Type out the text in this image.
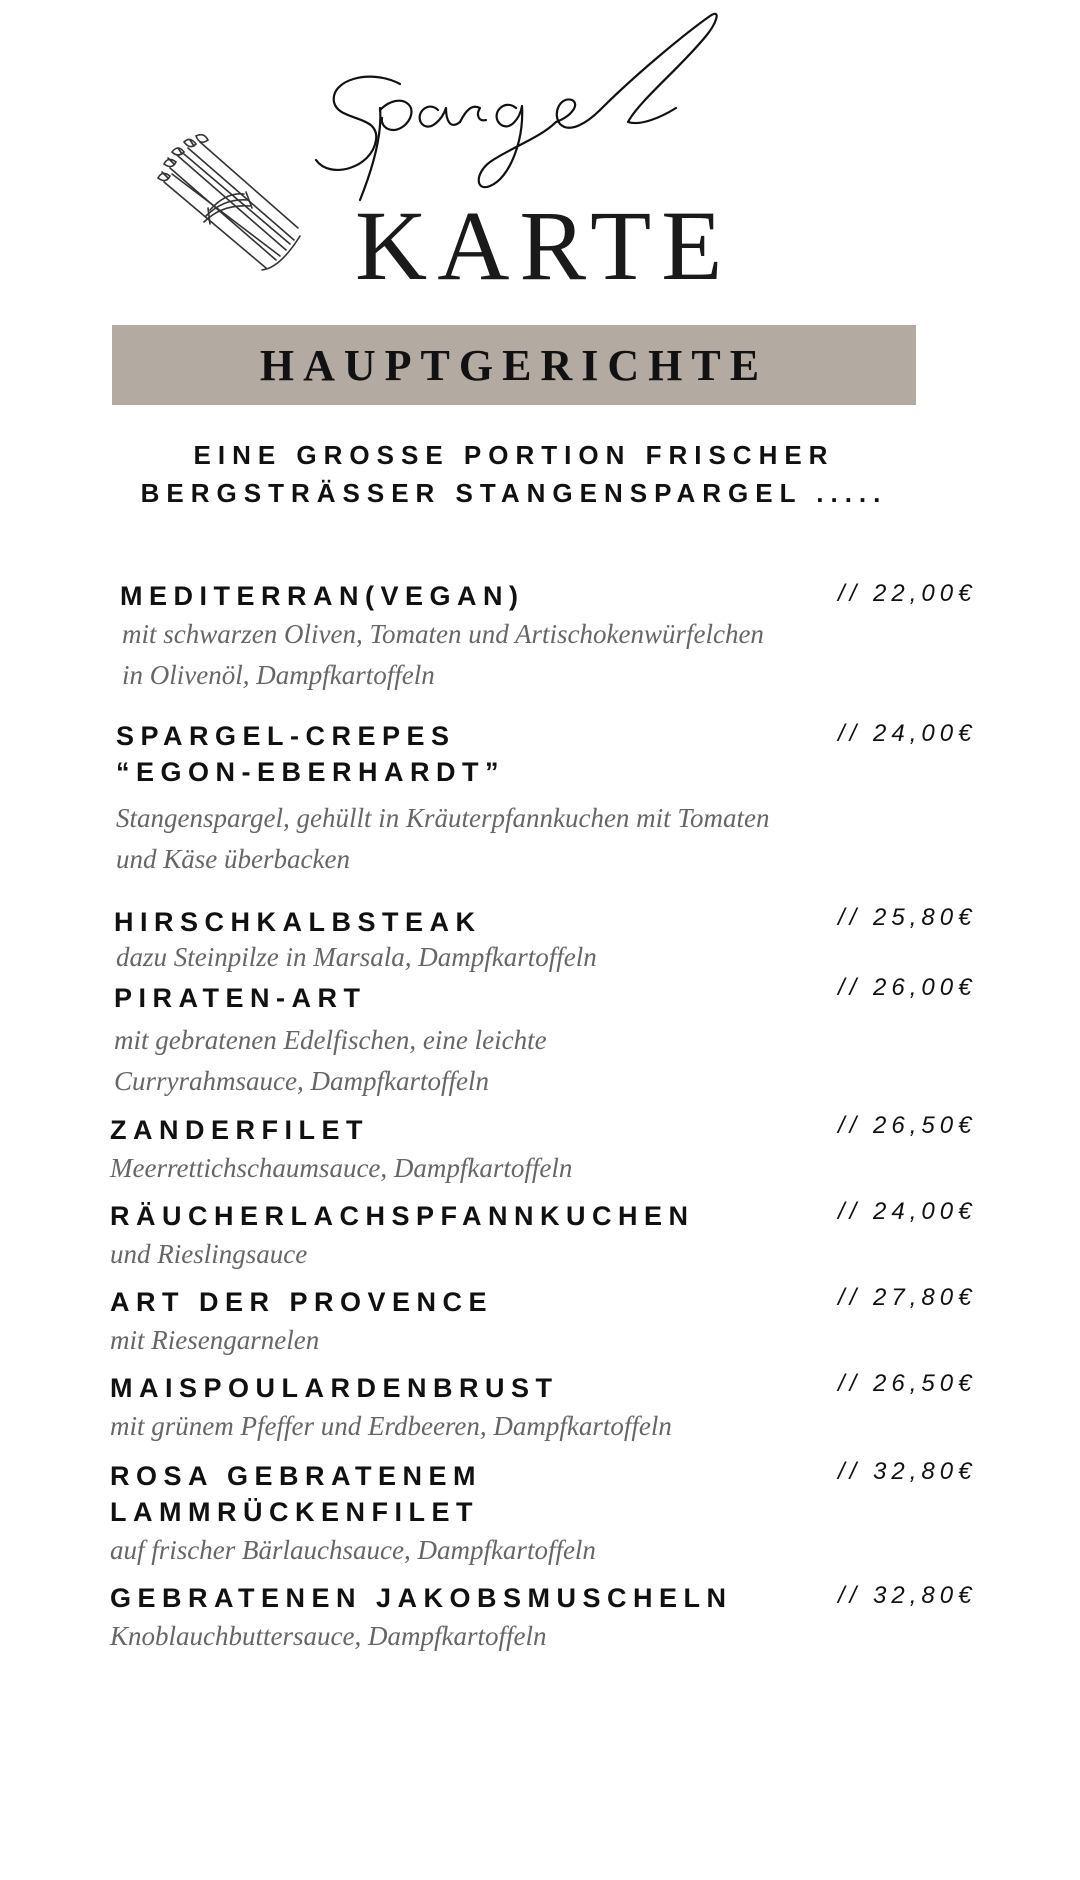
KARTE
HAUPTGERICHTE
EINE GROSSE PORTION FRISCHER
BERGSTRÄSSER STANGENSPARGEL .....
MEDITERRAN(VEGAN)
mit schwarzen Oliven, Tomaten und Artischokenwürfelchen
in Olivenöl, Dampfkartoffeln
// 22,00€
SPARGEL-CREPES
“EGON-EBERHARDT”
Stangenspargel, gehüllt in Kräuterpfannkuchen mit Tomaten
und Käse überbacken
// 24,00€
HIRSCHKALBSTEAK
dazu Steinpilze in Marsala, Dampfkartoffeln
// 25,80€
PIRATEN-ART
mit gebratenen Edelfischen, eine leichte
Curryrahmsauce, Dampfkartoffeln
// 26,00€
ZANDERFILET
Meerrettichschaumsauce, Dampfkartoffeln
// 26,50€
RÄUCHERLACHSPFANNKUCHEN
und Rieslingsauce
// 24,00€
ART DER PROVENCE
mit Riesengarnelen
// 27,80€
MAISPOULARDENBRUST
mit grünem Pfeffer und Erdbeeren, Dampfkartoffeln
// 26,50€
ROSA GEBRATENEM
LAMMRÜCKENFILET
auf frischer Bärlauchsauce, Dampfkartoffeln
// 32,80€
GEBRATENEN JAKOBSMUSCHELN
Knoblauchbuttersauce, Dampfkartoffeln
// 32,80€
